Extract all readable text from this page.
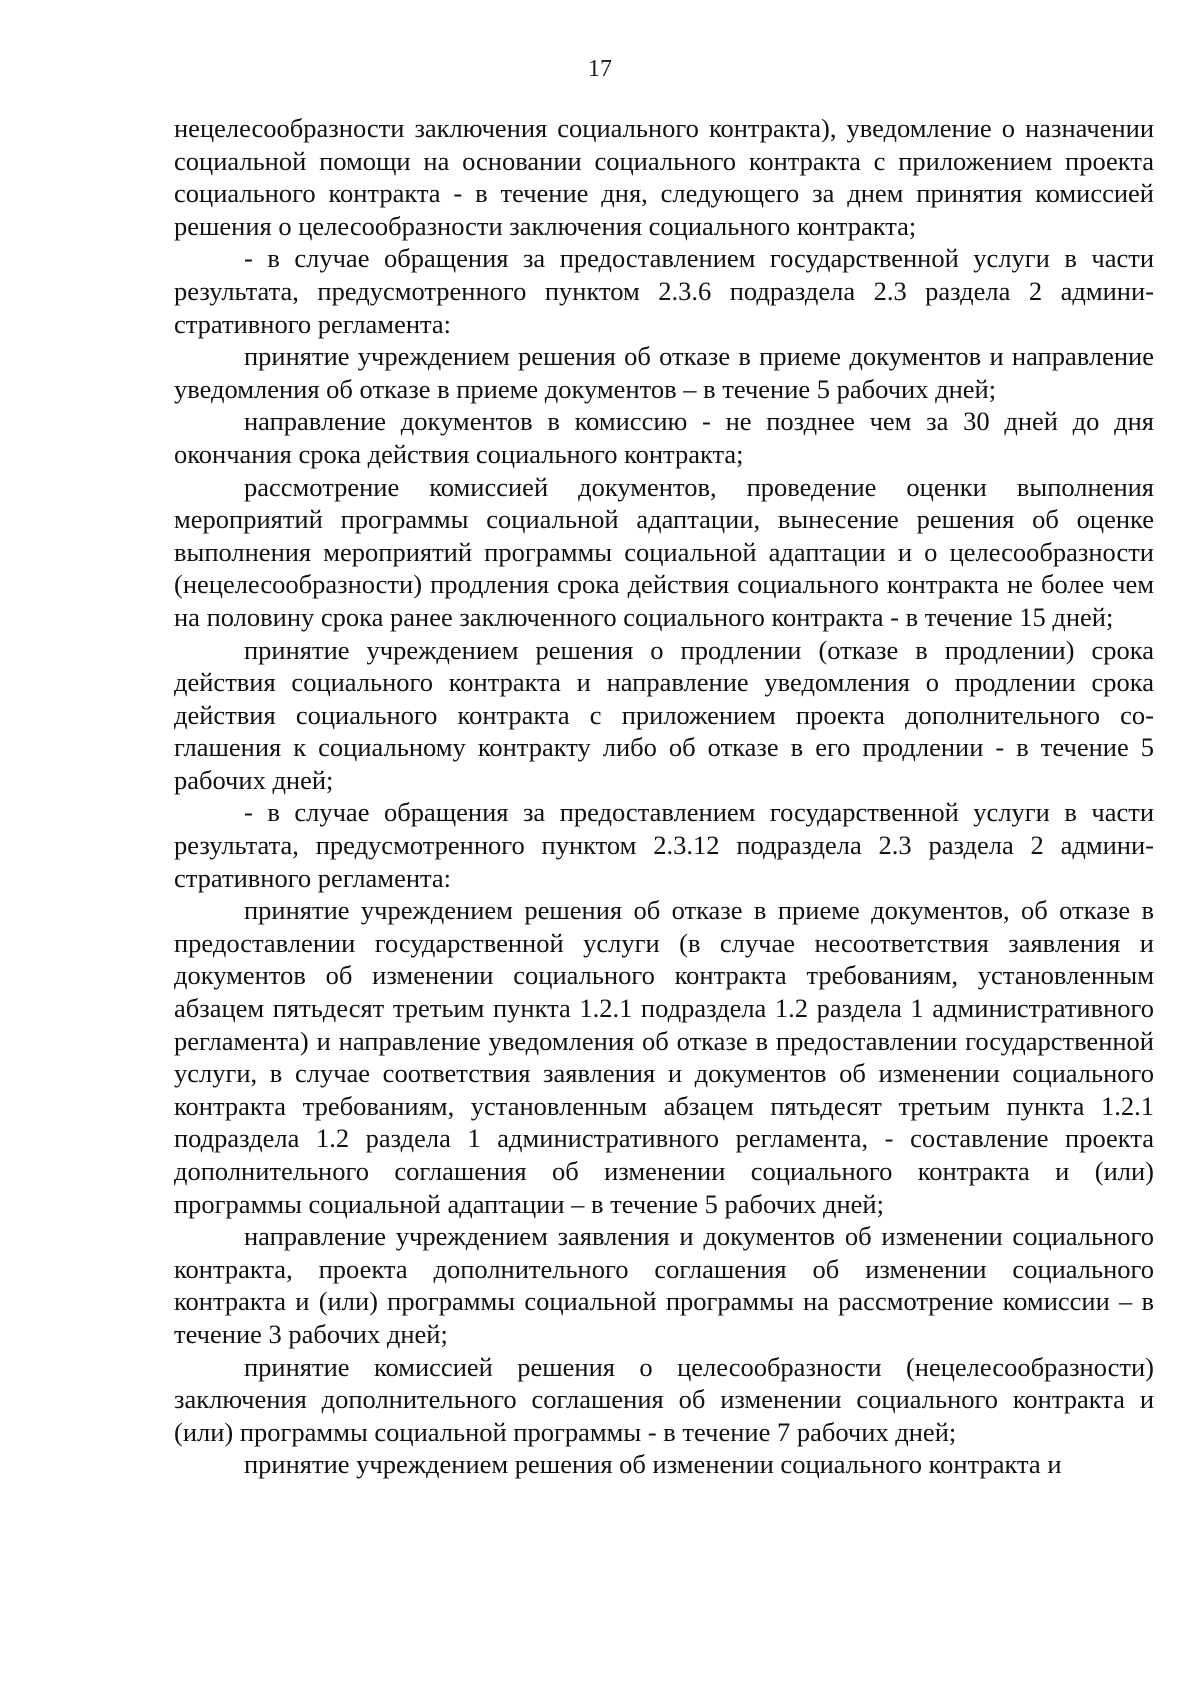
17

нецелесообразности заключения социального контракта), уведомление о назначении социальной помощи на основании социального контракта с приложением проекта социального контракта - в течение дня, следующего за днем принятия комиссией решения о целесообразности заключения социального контракта;

- в случае обращения за предоставлением государственной услуги в части результата, предусмотренного пунктом 2.3.6 подраздела 2.3 раздела 2 административного регламента:

принятие учреждением решения об отказе в приеме документов и направление уведомления об отказе в приеме документов – в течение 5 рабочих дней;

направление документов в комиссию - не позднее чем за 30 дней до дня окончания срока действия социального контракта;

рассмотрение комиссией документов, проведение оценки выполнения мероприятий программы социальной адаптации, вынесение решения об оценке выполнения мероприятий программы социальной адаптации и о целесообразности (нецелесообразности) продления срока действия социального контракта не более чем на половину срока ранее заключенного социального контракта - в течение 15 дней;

принятие учреждением решения о продлении (отказе в продлении) срока действия социального контракта и направление уведомления о продлении срока действия социального контракта с приложением проекта дополнительного соглашения к социальному контракту либо об отказе в его продлении - в течение 5 рабочих дней;

- в случае обращения за предоставлением государственной услуги в части результата, предусмотренного пунктом 2.3.12 подраздела 2.3 раздела 2 административного регламента:

принятие учреждением решения об отказе в приеме документов, об отказе в предоставлении государственной услуги (в случае несоответствия заявления и документов об изменении социального контракта требованиям, установленным абзацем пятьдесят третьим пункта 1.2.1 подраздела 1.2 раздела 1 административного регламента) и направление уведомления об отказе в предоставлении государственной услуги, в случае соответствия заявления и документов об изменении социального контракта требованиям, установленным абзацем пятьдесят третьим пункта 1.2.1 подраздела 1.2 раздела 1 административного регламента, - составление проекта дополнительного соглашения об изменении социального контракта и (или) программы социальной адаптации – в течение 5 рабочих дней;

направление учреждением заявления и документов об изменении социального контракта, проекта дополнительного соглашения об изменении социального контракта и (или) программы социальной программы на рассмотрение комиссии – в течение 3 рабочих дней;

принятие комиссией решения о целесообразности (нецелесообразности) заключения дополнительного соглашения об изменении социального контракта и (или) программы социальной программы - в течение 7 рабочих дней;

принятие учреждением решения об изменении социального контракта и
